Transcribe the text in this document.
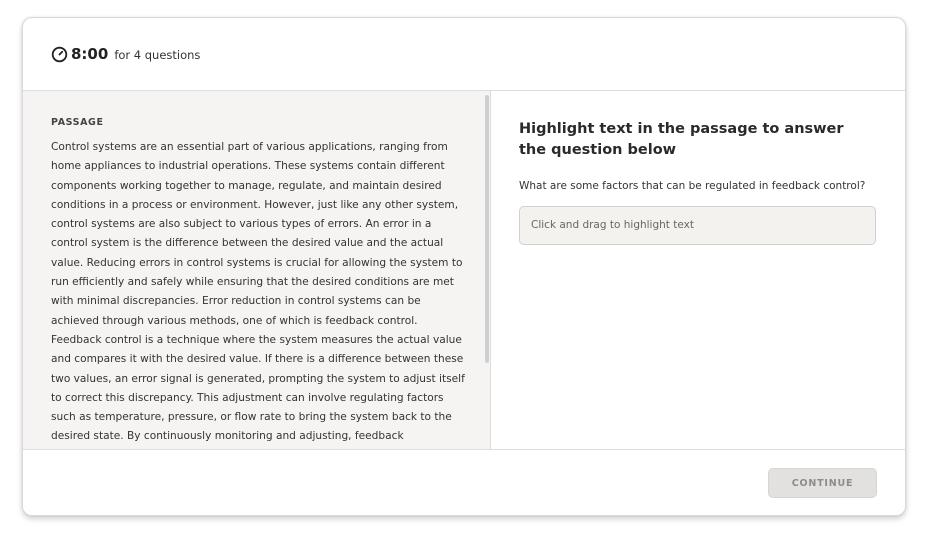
8:00 for 4 questions
PASSAGE
Control systems are an essential part of various applications, ranging from home appliances to industrial operations. These systems contain different components working together to manage, regulate, and maintain desired conditions in a process or environment. However, just like any other system, control systems are also subject to various types of errors. An error in a control system is the difference between the desired value and the actual value. Reducing errors in control systems is crucial for allowing the system to run efficiently and safely while ensuring that the desired conditions are met with minimal discrepancies. Error reduction in control systems can be achieved through various methods, one of which is feedback control. Feedback control is a technique where the system measures the actual value and compares it with the desired value. If there is a difference between these two values, an error signal is generated, prompting the system to adjust itself to correct this discrepancy. This adjustment can involve regulating factors such as temperature, pressure, or flow rate to bring the system back to the desired state. By continuously monitoring and adjusting, feedback
Highlight text in the passage to answer the question below
What are some factors that can be regulated in feedback control?
Click and drag to highlight text
CONTINUE
